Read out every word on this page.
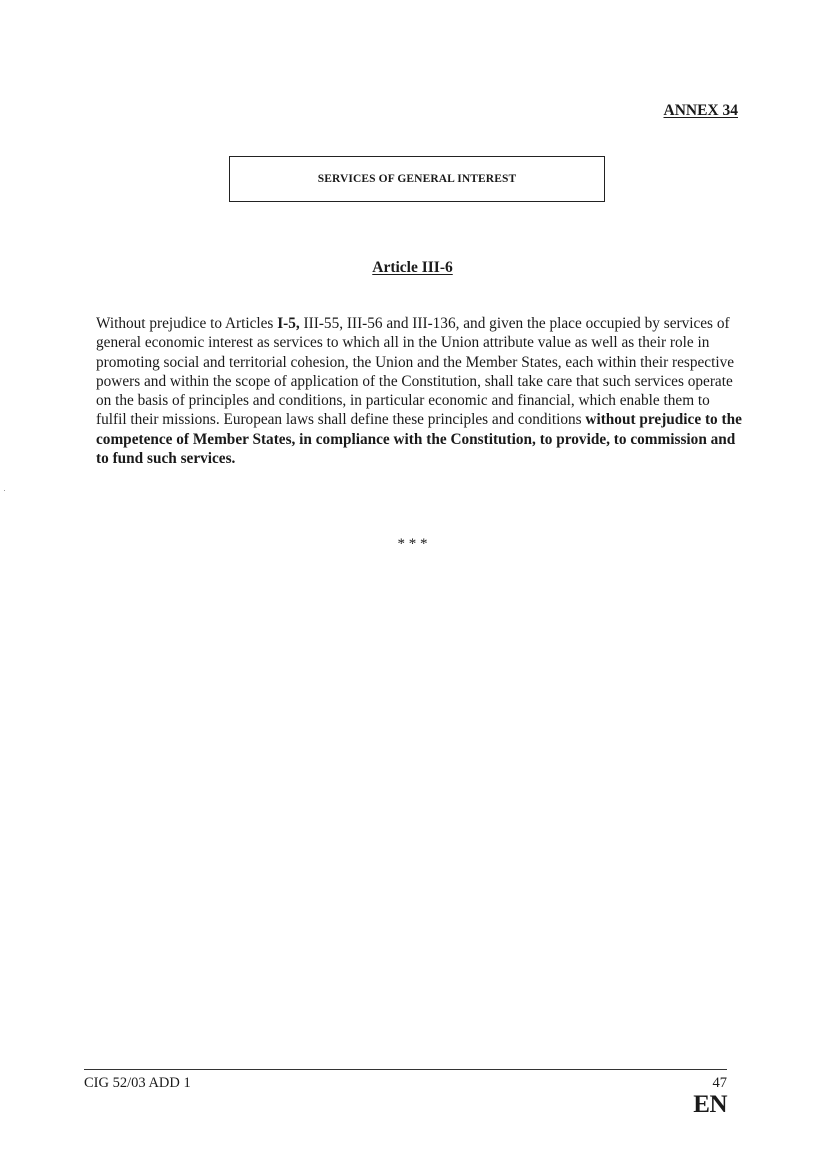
ANNEX 34
SERVICES OF GENERAL INTEREST
Article III-6
Without prejudice to Articles I-5, III-55, III-56 and III-136, and given the place occupied by services of general economic interest as services to which all in the Union attribute value as well as their role in promoting social and territorial cohesion, the Union and the Member States, each within their respective powers and within the scope of application of the Constitution, shall take care that such services operate on the basis of principles and conditions, in particular economic and financial, which enable them to fulfil their missions. European laws shall define these principles and conditions without prejudice to the competence of Member States, in compliance with the Constitution, to provide, to commission and to fund such services.
* * *
CIG 52/03 ADD 1	47
EN
